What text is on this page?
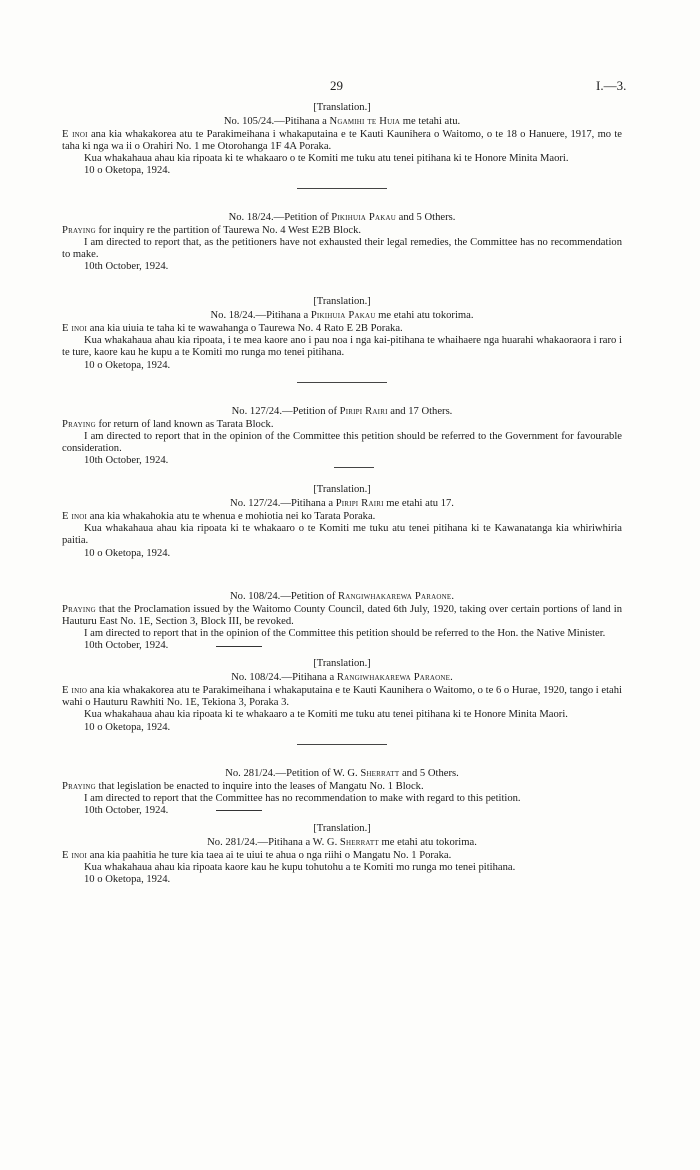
29	I.—3.
[Translation.]
No. 105/24.—Pitihana a Ngamihi te Huia me tetahi atu.

E inoi ana kia whakakorea atu te Parakimeihana i whakaputaina e te Kauti Kaunihera o Waitomo, o te 18 o Hanuere, 1917, mo te taha ki nga wa ii o Orahiri No. 1 me Otorohanga 1F 4A Poraka.

Kua whakahaua ahau kia ripoata ki te whakaaro o te Komiti me tuku atu tenei pitihana ki te Honore Minita Maori.

10 o Oketopa, 1924.
No. 18/24.—Petition of Pikihuia Pakau and 5 Others.

Praying for inquiry re the partition of Taurewa No. 4 West E2B Block.

I am directed to report that, as the petitioners have not exhausted their legal remedies, the Committee has no recommendation to make.

10th October, 1924.
[Translation.]
No. 18/24.—Pitihana a Pikihuia Pakau me etahi atu tokorima.

E inoi ana kia uiuia te taha ki te wawahanga o Taurewa No. 4 Rato E 2B Poraka.

Kua whakahaua ahau kia ripoata, i te mea kaore ano i pau noa i nga kai-pitihana te whaihaere nga huarahi whakaoraora i raro i te ture, kaore kau he kupu a te Komiti mo runga mo tenei pitihana.

10 o Oketopa, 1924.
No. 127/24.—Petition of Piripi Rairi and 17 Others.

Praying for return of land known as Tarata Block.

I am directed to report that in the opinion of the Committee this petition should be referred to the Government for favourable consideration.

10th October, 1924.
[Translation.]
No. 127/24.—Pitihana a Piripi Rairi me etahi atu 17.

E inoi ana kia whakahokia atu te whenua e mohiotia nei ko Tarata Poraka.

Kua whakahaua ahau kia ripoata ki te whakaaro o te Komiti me tuku atu tenei pitihana ki te Kawanatanga kia whiriwhiria paitia.

10 o Oketopa, 1924.
No. 108/24.—Petition of Rangiwhakarewa Paraone.

Praying that the Proclamation issued by the Waitomo County Council, dated 6th July, 1920, taking over certain portions of land in Hauturu East No. 1E, Section 3, Block III, be revoked.

I am directed to report that in the opinion of the Committee this petition should be referred to the Hon. the Native Minister.

10th October, 1924.
[Translation.]
No. 108/24.—Pitihana a Rangiwhakarewa Paraone.

E inio ana kia whakakorea atu te Parakimeihana i whakaputaina e te Kauti Kaunihera o Waitomo, o te 6 o Hurae, 1920, tango i etahi wahi o Hauturu Rawhiti No. 1E, Tekiona 3, Poraka 3.

Kua whakahaua ahau kia ripoata ki te whakaaro a te Komiti me tuku atu tenei pitihana ki te Honore Minita Maori.

10 o Oketopa, 1924.
No. 281/24.—Petition of W. G. Sherratt and 5 Others.

Praying that legislation be enacted to inquire into the leases of Mangatu No. 1 Block.

I am directed to report that the Committee has no recommendation to make with regard to this petition.

10th October, 1924.
[Translation.]
No. 281/24.—Pitihana a W. G. Sherratt me etahi atu tokorima.

E inoi ana kia paahitia he ture kia taea ai te uiui te ahua o nga riihi o Mangatu No. 1 Poraka.

Kua whakahaua ahau kia ripoata kaore kau he kupu tohutohu a te Komiti mo runga mo tenei pitihana.

10 o Oketopa, 1924.
